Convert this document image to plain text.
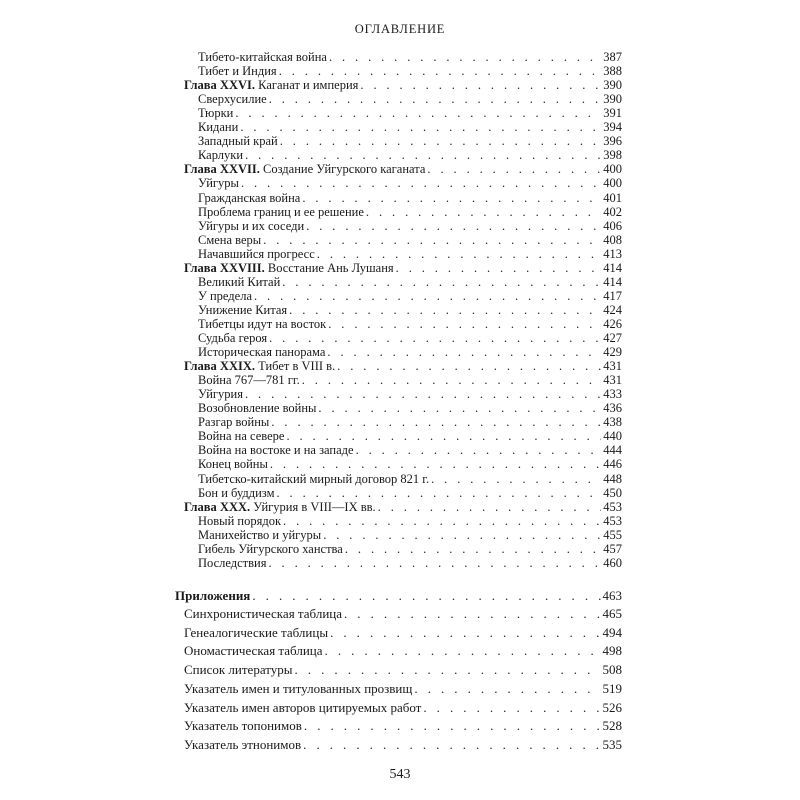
ОГЛАВЛЕНИЕ
Тибето-китайская война . . .	387
Тибет и Индия . . .	388
Глава XXVI. Каганат и империя . . .	390
Сверхусилие . . .	390
Тюрки . . .	391
Кидани . . .	394
Западный край . . .	396
Карлуки . . .	398
Глава XXVII. Создание Уйгурского каганата . . .	400
Уйгуры . . .	400
Гражданская война . . .	401
Проблема границ и ее решение . . .	402
Уйгуры и их соседи . . .	406
Смена веры . . .	408
Начавшийся прогресс . . .	413
Глава XXVIII. Восстание Ань Лушаня . . .	414
Великий Китай . . .	414
У предела . . .	417
Унижение Китая . . .	424
Тибетцы идут на восток . . .	426
Судьба героя . . .	427
Историческая панорама . . .	429
Глава XXIX. Тибет в VIII в. . . .	431
Война 767—781 гг. . . .	431
Уйгурия . . .	433
Возобновление войны . . .	436
Разгар войны . . .	438
Война на севере . . .	440
Война на востоке и на западе . . .	444
Конец войны . . .	446
Тибетско-китайский мирный договор 821 г. . . .	448
Бон и буддизм . . .	450
Глава XXX. Уйгурия в VIII—IX вв. . . .	453
Новый порядок . . .	453
Манихейство и уйгуры . . .	455
Гибель Уйгурского ханства . . .	457
Последствия . . .	460
Приложения . . .	463
Синхронистическая таблица . . .	465
Генеалогические таблицы . . .	494
Ономастическая таблица . . .	498
Список литературы . . .	508
Указатель имен и титулованных прозвищ . . .	519
Указатель имен авторов цитируемых работ . . .	526
Указатель топонимов . . .	528
Указатель этнонимов . . .	535
543
